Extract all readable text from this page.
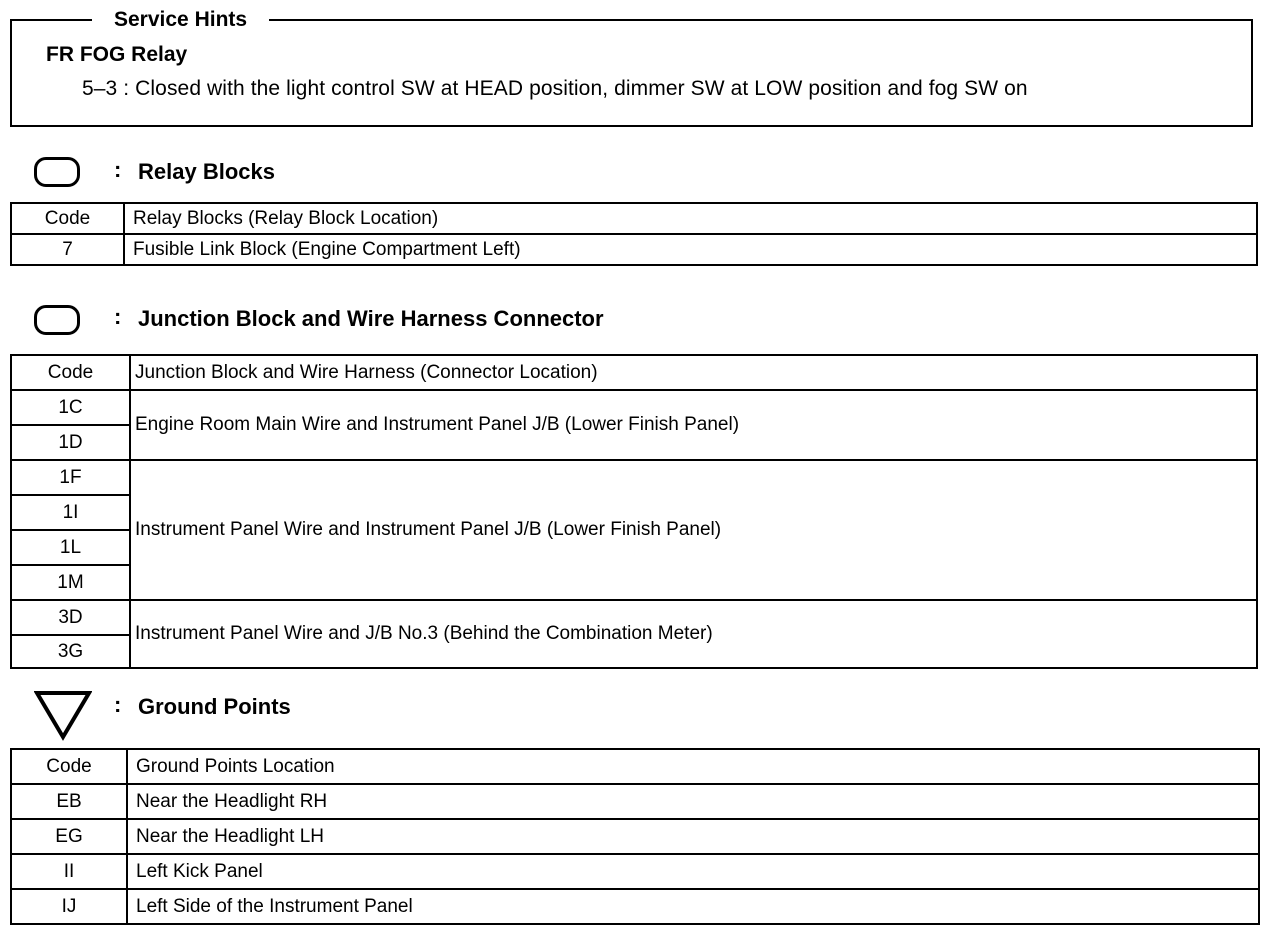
Service Hints
FR FOG Relay
5–3 : Closed with the light control SW at HEAD position, dimmer SW at LOW position and fog SW on
: Relay Blocks
Code	Relay Blocks (Relay Block Location)
7	Fusible Link Block (Engine Compartment Left)
: Junction Block and Wire Harness Connector
Code	Junction Block and Wire Harness (Connector Location)
1C	Engine Room Main Wire and Instrument Panel J/B (Lower Finish Panel)
1D	
1F	Instrument Panel Wire and Instrument Panel J/B (Lower Finish Panel)
1I	
1L	
1M	
3D	Instrument Panel Wire and J/B No.3 (Behind the Combination Meter)
3G	
: Ground Points
Code	Ground Points Location
EB	Near the Headlight RH
EG	Near the Headlight LH
II	Left Kick Panel
IJ	Left Side of the Instrument Panel
